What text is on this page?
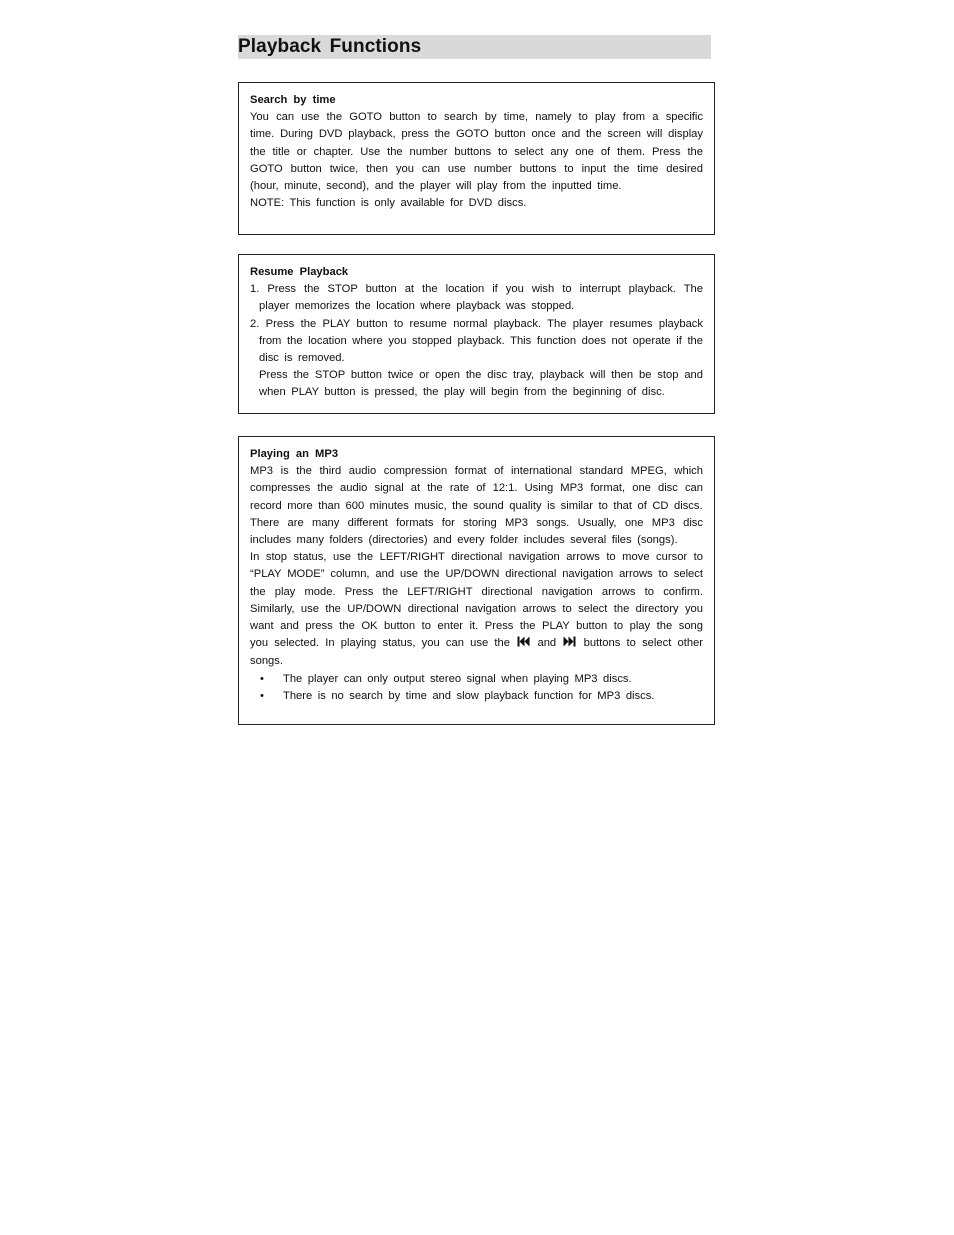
Playback Functions

Search by time

You can use the GOTO button to search by time, namely to play from a specific time. During DVD playback, press the GOTO button once and the screen will display the title or chapter. Use the number buttons to select any one of them. Press the GOTO button twice, then you can use number buttons to input the time desired (hour, minute, second), and the player will play from the inputted time.

NOTE: This function is only available for DVD discs.

Resume Playback

1. Press the STOP button at the location if you wish to interrupt playback. The player memorizes the location where playback was stopped.

2. Press the PLAY button to resume normal playback. The player resumes playback from the location where you stopped playback. This function does not operate if the disc is removed.

Press the STOP button twice or open the disc tray, playback will then be stop and when PLAY button is pressed, the play will begin from the beginning of disc.

Playing an MP3

MP3 is the third audio compression format of international standard MPEG, which compresses the audio signal at the rate of 12:1. Using MP3 format, one disc can record more than 600 minutes music, the sound quality is similar to that of CD discs.

There are many different formats for storing MP3 songs. Usually, one MP3 disc includes many folders (directories) and every folder includes several files (songs).

In stop status, use the LEFT/RIGHT directional navigation arrows to move cursor to “PLAY MODE” column, and use the UP/DOWN directional navigation arrows to select the play mode. Press the LEFT/RIGHT directional navigation arrows to confirm. Similarly, use the UP/DOWN directional navigation arrows to select the directory you want and press the OK button to enter it. Press the PLAY button to play the song you selected. In playing status, you can use the and buttons to select other songs.

• The player can only output stereo signal when playing MP3 discs.
• There is no search by time and slow playback function for MP3 discs.
